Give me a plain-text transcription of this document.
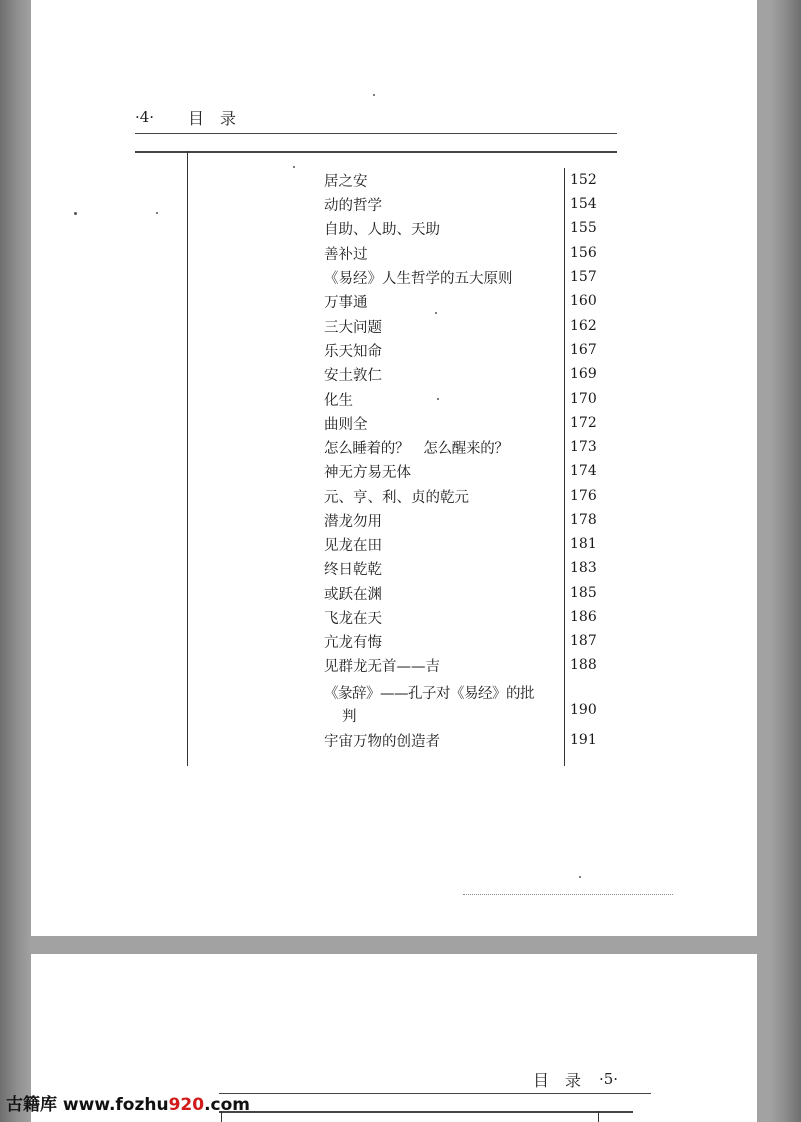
·4· 目　录
居之安	152
动的哲学	154
自助、人助、天助	155
善补过	156
《易经》人生哲学的五大原则	157
万事通	160
三大问题	162
乐天知命	167
安土敦仁	169
化生	170
曲则全	172
怎么睡着的？　怎么醒来的？	173
神无方易无体	174
元、亨、利、贞的乾元	176
潜龙勿用	178
见龙在田	181
终日乾乾	183
或跃在渊	185
飞龙在天	186
亢龙有悔	187
见群龙无首——吉	188
《彖辞》——孔子对《易经》的批
判	190
宇宙万物的创造者	191
目　录 ·5·
古籍库 www.fozhu920.com
